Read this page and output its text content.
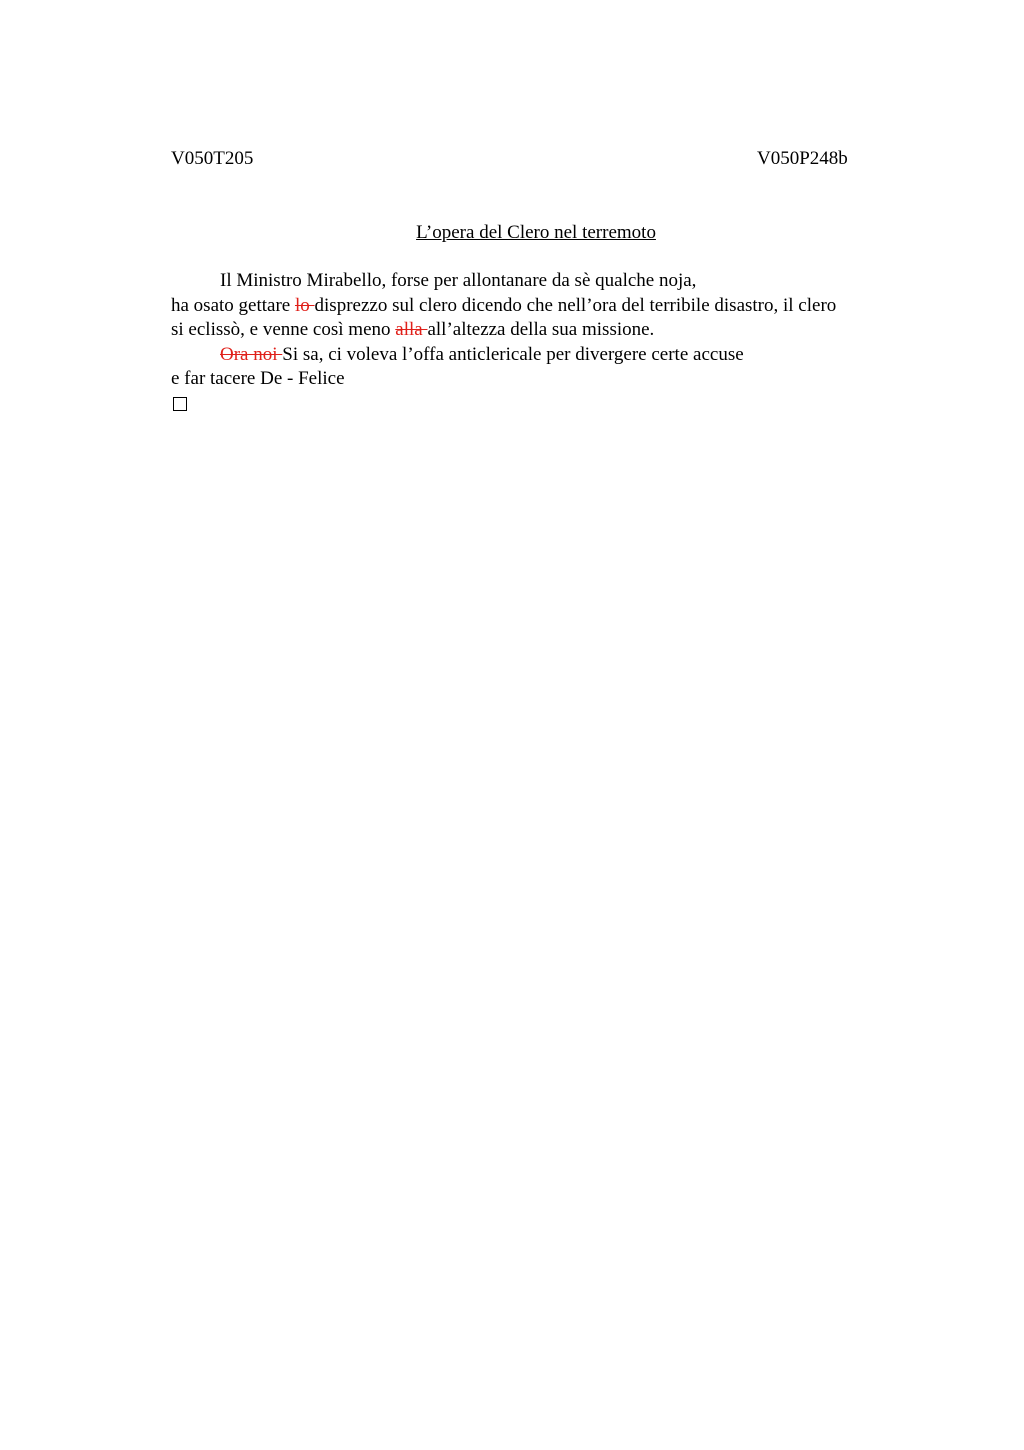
V050T205	V050P248b
L’opera del Clero nel terremoto
Il Ministro Mirabello, forse per allontanare da sè qualche noja,
ha osato gettare lo disprezzo sul clero dicendo che nell’ora del terribile disastro, il clero
si eclissò, e venne così meno alla all’altezza della sua missione.
Ora noi Si sa, ci voleva l’offa anticlericale per divergere certe accuse
e far tacere De - Felice
